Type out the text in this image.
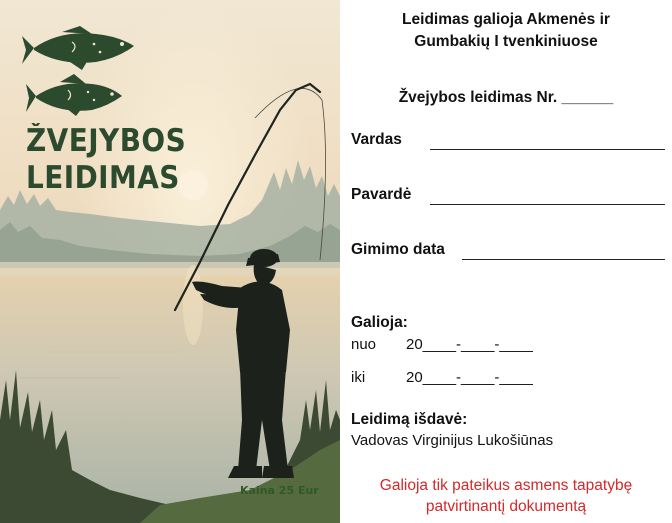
ŽVEJYBOS
LEIDIMAS
Kaina 25 Eur
Leidimas galioja Akmenės ir
Gumbakių I tvenkiniuose
Žvejybos leidimas Nr. ______
Vardas
Pavardė
Gimimo data
Galioja:
nuo 20____-____-____
iki	20____-____-____
Leidimą išdavė:
Vadovas Virginijus Lukošiūnas
Galioja tik pateikus asmens tapatybę
patvirtinantį dokumentą
